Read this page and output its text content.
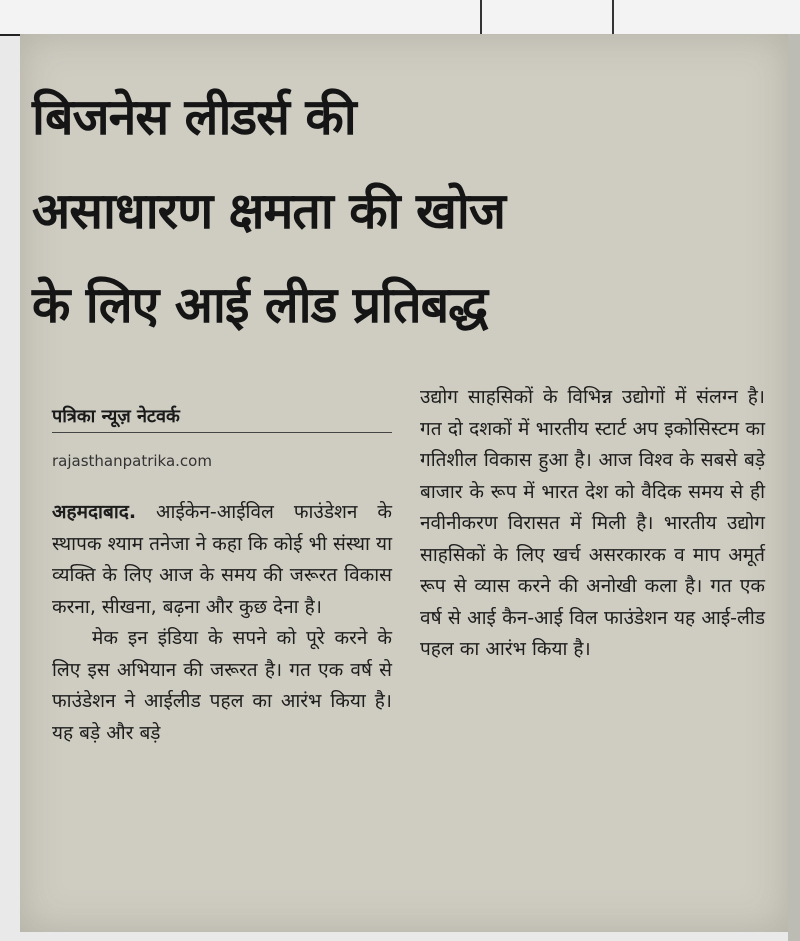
बिजनेस लीडर्स की
असाधारण क्षमता की खोज
के लिए आई लीड प्रतिबद्ध
पत्रिका न्यूज़ नेटवर्क
rajasthanpatrika.com

अहमदाबाद. आईकेन-आईविल फाउंडेशन के स्थापक श्याम तनेजा ने कहा कि कोई भी संस्था या व्यक्ति के लिए आज के समय की जरूरत विकास करना, सीखना, बढ़ना और कुछ देना है।

मेक इन इंडिया के सपने को पूरे करने के लिए इस अभियान की जरूरत है। गत एक वर्ष से फाउंडेशन ने आईलीड पहल का आरंभ किया है। यह बड़े और बड़े

उद्योग साहसिकों के विभिन्न उद्योगों में संलग्न है। गत दो दशकों में भारतीय स्टार्ट अप इकोसिस्टम का गतिशील विकास हुआ है। आज विश्व के सबसे बड़े बाजार के रूप में भारत देश को वैदिक समय से ही नवीनीकरण विरासत में मिली है। भारतीय उद्योग साहसिकों के लिए खर्च असरकारक व माप अमूर्त रूप से व्यास करने की अनोखी कला है। गत एक वर्ष से आई कैन-आई विल फाउंडेशन यह आई-लीड पहल का आरंभ किया है।
